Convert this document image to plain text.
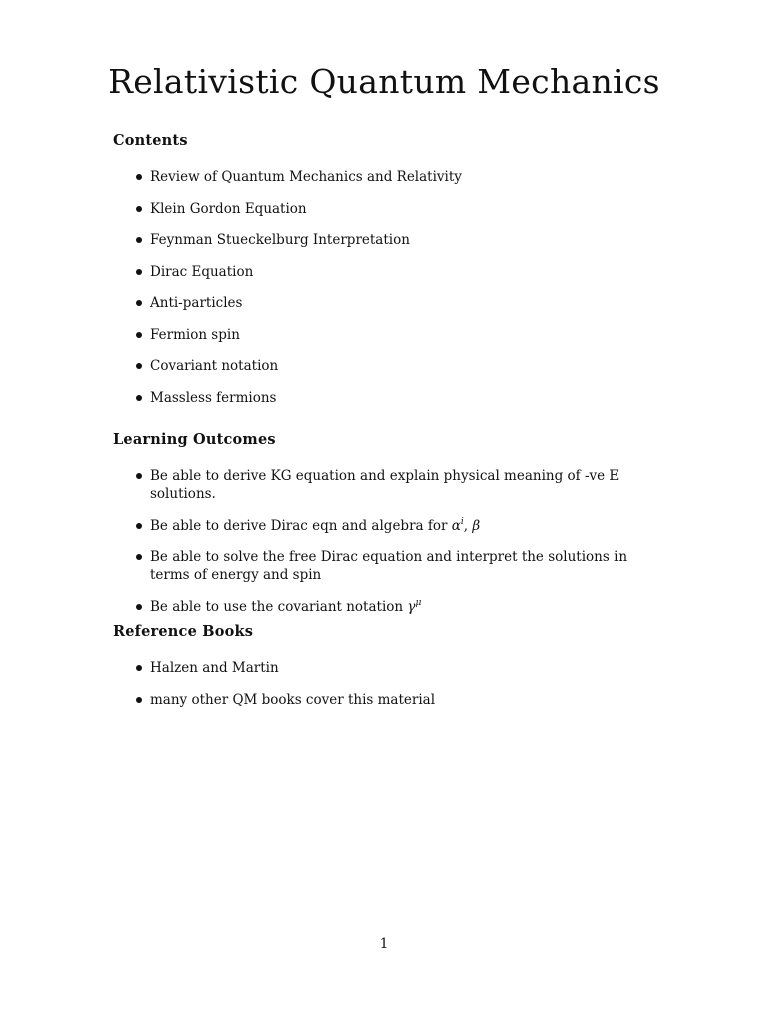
Relativistic Quantum Mechanics
Contents
Review of Quantum Mechanics and Relativity
Klein Gordon Equation
Feynman Stueckelburg Interpretation
Dirac Equation
Anti-particles
Fermion spin
Covariant notation
Massless fermions
Learning Outcomes
Be able to derive KG equation and explain physical meaning of -ve E solutions.
Be able to derive Dirac eqn and algebra for $\alpha^i$, β
Be able to solve the free Dirac equation and interpret the solutions in terms of energy and spin
Be able to use the covariant notation $\gamma^\mu$
Reference Books
Halzen and Martin
many other QM books cover this material
1
